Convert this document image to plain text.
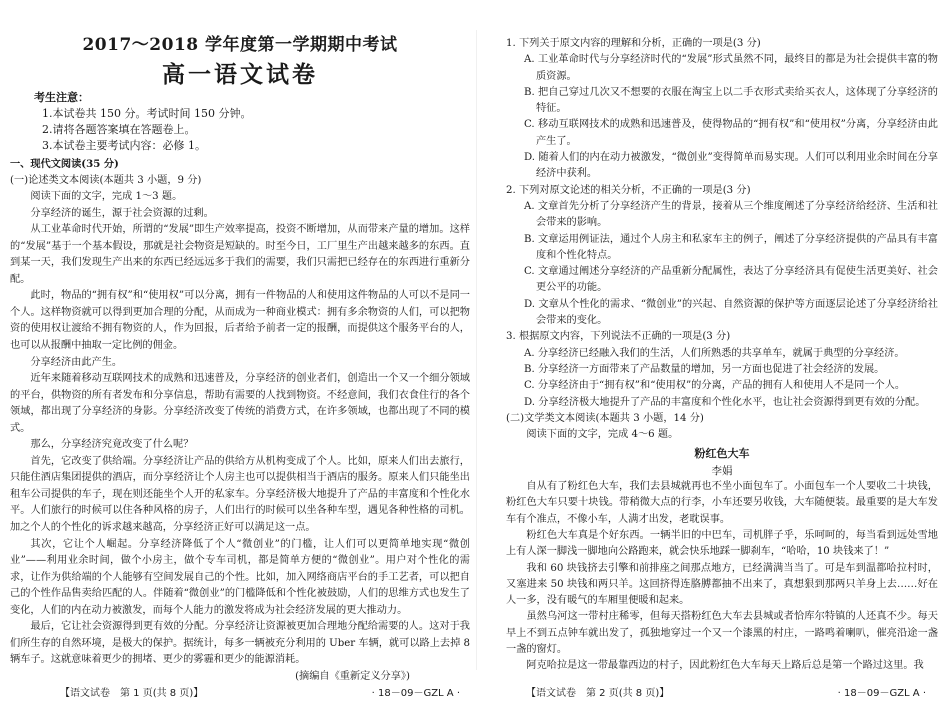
2017～2018 学年度第一学期期中考试
高一语文试卷
考生注意：
1.本试卷共 150 分。考试时间 150 分钟。
2.请将各题答案填在答题卷上。
3.本试卷主要考试内容：必修 1。

一、现代文阅读(35 分)

(一)论述类文本阅读(本题共 3 小题，9 分)

阅读下面的文字，完成 1～3 题。

分享经济的诞生，源于社会资源的过剩。

从工业革命时代开始，所谓的“发展”即生产效率提高，投资不断增加，从而带来产量的增加。这样的“发展”基于一个基本假设，那就是社会物资是短缺的。时至今日，工厂里生产出越来越多的东西。直到某一天，我们发现生产出来的东西已经远远多于我们的需要，我们只需把已经存在的东西进行重新分配。

此时，物品的“拥有权”和“使用权”可以分离，拥有一件物品的人和使用这件物品的人可以不是同一个人。这样物资就可以得到更加合理的分配，从而成为一种商业模式：拥有多余物资的人们，可以把物资的使用权让渡给不拥有物资的人，作为回报，后者给予前者一定的报酬，而提供这个服务平台的人，也可以从报酬中抽取一定比例的佣金。

分享经济由此产生。

近年来随着移动互联网技术的成熟和迅速普及，分享经济的创业者们，创造出一个又一个细分领域的平台，供物资的所有者发布和分享信息，帮助有需要的人找到物资。不经意间，我们衣食住行的各个领域，都出现了分享经济的身影。分享经济改变了传统的消费方式，在许多领域，也都出现了不同的模式。

那么，分享经济究竟改变了什么呢？

首先，它改变了供给端。分享经济让产品的供给方从机构变成了个人。比如，原来人们出去旅行，只能住酒店集团提供的酒店，而分享经济让个人房主也可以提供相当于酒店的服务。原来人们只能坐出租车公司提供的车子，现在则还能坐个人开的私家车。分享经济极大地提升了产品的丰富度和个性化水平。人们旅行的时候可以住各种风格的房子，人们出行的时候可以坐各种车型，遇见各种性格的司机。加之个人的个性化的诉求越来越高，分享经济正好可以满足这一点。

其次，它让个人崛起。分享经济降低了个人“微创业”的门槛，让人们可以更简单地实现“微创业”——利用业余时间，做个小房主，做个专车司机，都是简单方便的“微创业”。用户对个性化的需求，让作为供给端的个人能够有空间发展自己的个性。比如，加入网络商店平台的手工艺者，可以把自己的个性作品售卖给匹配的人。伴随着“微创业”的门槛降低和个性化被鼓励，人们的思维方式也发生了变化，人们的内在动力被激发，而每个人能力的激发将成为社会经济发展的更大推动力。

最后，它让社会资源得到更有效的分配。分享经济让资源被更加合理地分配给需要的人。这对于我们所生存的自然环境，是极大的保护。据统计，每多一辆被充分利用的 Uber 车辆，就可以路上去掉 8 辆车子。这就意味着更少的拥堵、更少的雾霾和更少的能源消耗。

(摘编自《重新定义分享》)

【语文试卷　第 1 页(共 8 页)】	· 18－09－GZL A ·

1. 下列关于原文内容的理解和分析，正确的一项是(3 分)

A. 工业革命时代与分享经济时代的“发展”形式虽然不同，最终目的都是为社会提供丰富的物质资源。

B. 把自己穿过几次又不想要的衣服在淘宝上以二手衣形式卖给买衣人，这体现了分享经济的特征。

C. 移动互联网技术的成熟和迅速普及，使得物品的“拥有权”和“使用权”分离，分享经济由此产生了。

D. 随着人们的内在动力被激发，“微创业”变得简单而易实现。人们可以利用业余时间在分享经济中获利。

2. 下列对原文论述的相关分析，不正确的一项是(3 分)

A. 文章首先分析了分享经济产生的背景，接着从三个维度阐述了分享经济给经济、生活和社会带来的影响。

B. 文章运用例证法，通过个人房主和私家车主的例子，阐述了分享经济提供的产品具有丰富度和个性化特点。

C. 文章通过阐述分享经济的产品重新分配属性，表达了分享经济具有促使生活更美好、社会更公平的功能。

D. 文章从个性化的需求、“微创业”的兴起、自然资源的保护等方面逐层论述了分享经济给社会带来的变化。

3. 根据原文内容，下列说法不正确的一项是(3 分)

A. 分享经济已经融入我们的生活，人们所熟悉的共享单车，就属于典型的分享经济。

B. 分享经济一方面带来了产品数量的增加，另一方面也促进了社会经济的发展。

C. 分享经济由于“拥有权”和“使用权”的分离，产品的拥有人和使用人不是同一个人。

D. 分享经济极大地提升了产品的丰富度和个性化水平，也让社会资源得到更有效的分配。

(二)文学类文本阅读(本题共 3 小题，14 分)

阅读下面的文字，完成 4～6 题。

粉红色大车

李娟

自从有了粉红色大车，我们去县城就再也不坐小面包车了。小面包车一个人要收二十块钱，粉红色大车只要十块钱。带稍微大点的行李，小车还要另收钱，大车随便装。最重要的是大车发车有个准点，不像小车，人满才出发，老耽误事。

粉红色大车真是个好东西。一辆半旧的中巴车，司机胖子乎，乐呵呵的，每当看到远处雪地上有人深一脚浅一脚地向公路跑来，就会快乐地踩一脚刹车，“哈哈，10 块钱来了！”

我和 60 块钱挤去引擎和前排座之间那点地方，已经满满当当了。可是车到温都哈拉村时，又塞进来 50 块钱和两只羊。这回挤得连胳膊都抽不出来了，真想狠到那两只羊身上去……好在人一多，没有暖气的车厢里便暖和起来。

虽然乌河这一带村庄稀零，但每天搭粉红色大车去县城或者恰库尔特镇的人还真不少。每天早上不到五点钟车就出发了，孤独地穿过一个又一个漆黑的村庄，一路鸣着喇叭，催亮沿途一盏一盏的窗灯。

阿克哈拉是这一带最靠西边的村子，因此粉红色大车每天上路后总是第一个路过这里。我

【语文试卷　第 2 页(共 8 页)】	· 18－09－GZL A ·
